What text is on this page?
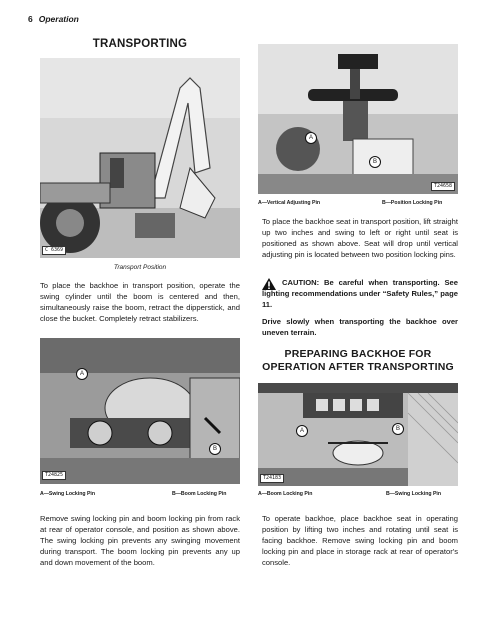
6 Operation
TRANSPORTING
C 6369
Transport Position
To place the backhoe in transport position, operate the swing cylinder until the boom is centered and then, simultaneously raise the boom, retract the dipperstick, and close the bucket. Completely retract stabilizers.
A
B
T24825
A—Swing Locking Pin	B—Boom Locking Pin
Remove swing locking pin and boom locking pin from rack at rear of operator console, and position as shown above. The swing locking pin prevents any swinging movement during transport. The boom locking pin prevents any up and down movement of the boom.
A
B
T24658
A—Vertical Adjusting Pin	B—Position Locking Pin
To place the backhoe seat in transport position, lift straight up two inches and swing to left or right until seat is positioned as shown above. Seat will drop until vertical adjusting pin is located between two position locking pins.
CAUTION: Be careful when transporting. See lighting recommendations under “Safety Rules,” page 11.
Drive slowly when transporting the backhoe over uneven terrain.
PREPARING BACKHOE FOR
OPERATION AFTER TRANSPORTING
A	B
T24183
A—Boom Locking Pin	B—Swing Locking Pin
To operate backhoe, place backhoe seat in operating position by lifting two inches and rotating until seat is facing backhoe. Remove swing locking pin and boom locking pin and place in storage rack at rear of operator's console.
